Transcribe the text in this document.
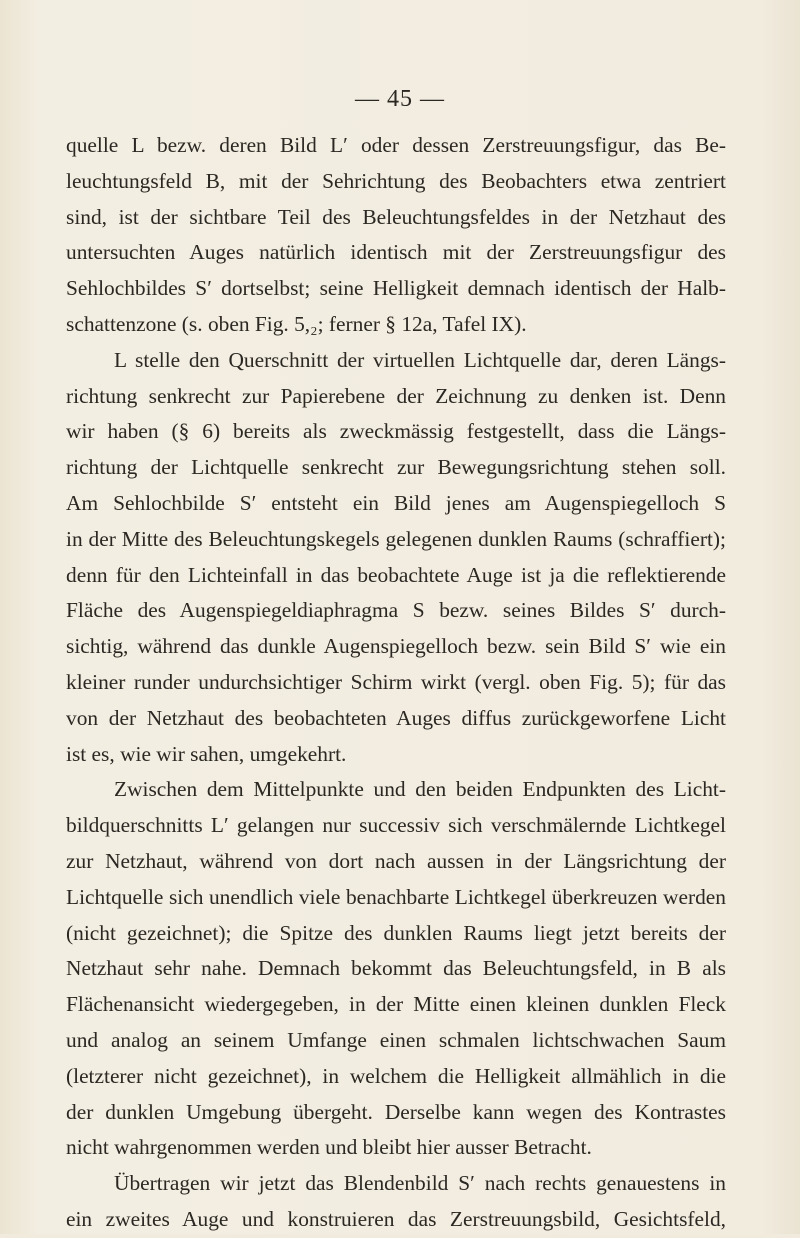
— 45 —
quelle L bezw. deren Bild L′ oder dessen Zerstreuungsfigur, das Be-
leuchtungsfeld B, mit der Sehrichtung des Beobachters etwa zentriert
sind, ist der sichtbare Teil des Beleuchtungsfeldes in der Netzhaut des
untersuchten Auges natürlich identisch mit der Zerstreuungsfigur des
Sehlochbildes S′ dortselbst; seine Helligkeit demnach identisch der Halb-
schattenzone (s. oben Fig. 5,₂; ferner § 12a, Tafel IX).
L stelle den Querschnitt der virtuellen Lichtquelle dar, deren Längs-
richtung senkrecht zur Papierebene der Zeichnung zu denken ist. Denn
wir haben (§ 6) bereits als zweckmässig festgestellt, dass die Längs-
richtung der Lichtquelle senkrecht zur Bewegungsrichtung stehen soll.
Am Sehlochbilde S′ entsteht ein Bild jenes am Augenspiegelloch S
in der Mitte des Beleuchtungskegels gelegenen dunklen Raums (schraffiert);
denn für den Lichteinfall in das beobachtete Auge ist ja die reflektierende
Fläche des Augenspiegeldiaphragma S bezw. seines Bildes S′ durch-
sichtig, während das dunkle Augenspiegelloch bezw. sein Bild S′ wie ein
kleiner runder undurchsichtiger Schirm wirkt (vergl. oben Fig. 5); für das
von der Netzhaut des beobachteten Auges diffus zurückgeworfene Licht
ist es, wie wir sahen, umgekehrt.
Zwischen dem Mittelpunkte und den beiden Endpunkten des Licht-
bildquerschnitts L′ gelangen nur successiv sich verschmälernde Lichtkegel
zur Netzhaut, während von dort nach aussen in der Längsrichtung der
Lichtquelle sich unendlich viele benachbarte Lichtkegel überkreuzen werden
(nicht gezeichnet); die Spitze des dunklen Raums liegt jetzt bereits der
Netzhaut sehr nahe. Demnach bekommt das Beleuchtungsfeld, in B als
Flächenansicht wiedergegeben, in der Mitte einen kleinen dunklen Fleck
und analog an seinem Umfange einen schmalen lichtschwachen Saum
(letzterer nicht gezeichnet), in welchem die Helligkeit allmählich in die
der dunklen Umgebung übergeht. Derselbe kann wegen des Kontrastes
nicht wahrgenommen werden und bleibt hier ausser Betracht.
Übertragen wir jetzt das Blendenbild S′ nach rechts genauestens in
ein zweites Auge und konstruieren das Zerstreuungsbild, Gesichtsfeld,
